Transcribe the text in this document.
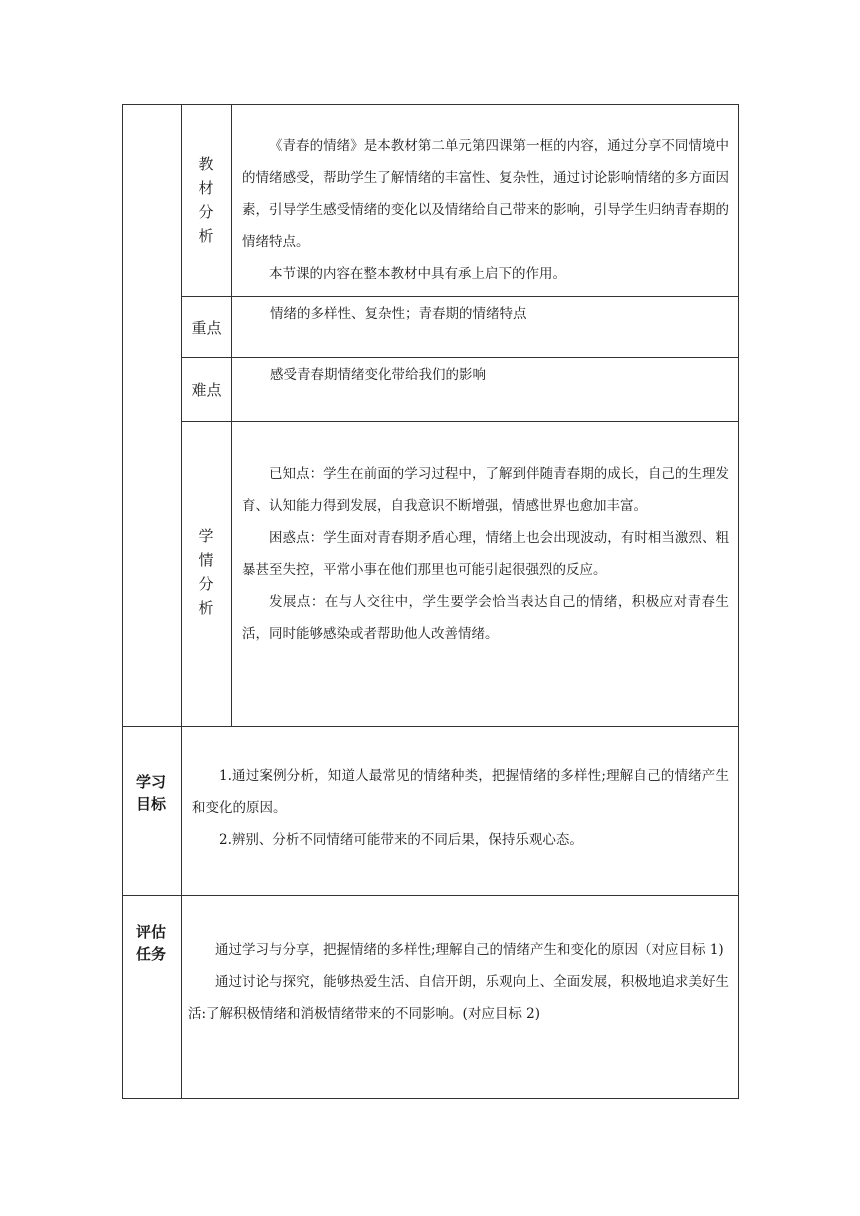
教
材
分
析

《青春的情绪》是本教材第二单元第四课第一框的内容，通过分享不同情境中的情绪感受，帮助学生了解情绪的丰富性、复杂性，通过讨论影响情绪的多方面因素，引导学生感受情绪的变化以及情绪给自己带来的影响，引导学生归纳青春期的情绪特点。

本节课的内容在整本教材中具有承上启下的作用。

重点
情绪的多样性、复杂性；青春期的情绪特点
难点
感受青春期情绪变化带给我们的影响
学
情
分
析

已知点：学生在前面的学习过程中，了解到伴随青春期的成长，自己的生理发育、认知能力得到发展，自我意识不断增强，情感世界也愈加丰富。

困惑点：学生面对青春期矛盾心理，情绪上也会出现波动，有时相当激烈、粗暴甚至失控，平常小事在他们那里也可能引起很强烈的反应。

发展点：在与人交往中，学生要学会恰当表达自己的情绪，积极应对青春生活，同时能够感染或者帮助他人改善情绪。

学习
目标

1.通过案例分析，知道人最常见的情绪种类，把握情绪的多样性;理解自己的情绪产生和变化的原因。

2.辨别、分析不同情绪可能带来的不同后果，保持乐观心态。

评估
任务	通过学习与分享，把握情绪的多样性;理解自己的情绪产生和变化的原因（对应目标 1)

通过讨论与探究，能够热爱生活、自信开朗，乐观向上、全面发展，积极地追求美好生活:了解积极情绪和消极情绪带来的不同影响。(对应目标 2)
